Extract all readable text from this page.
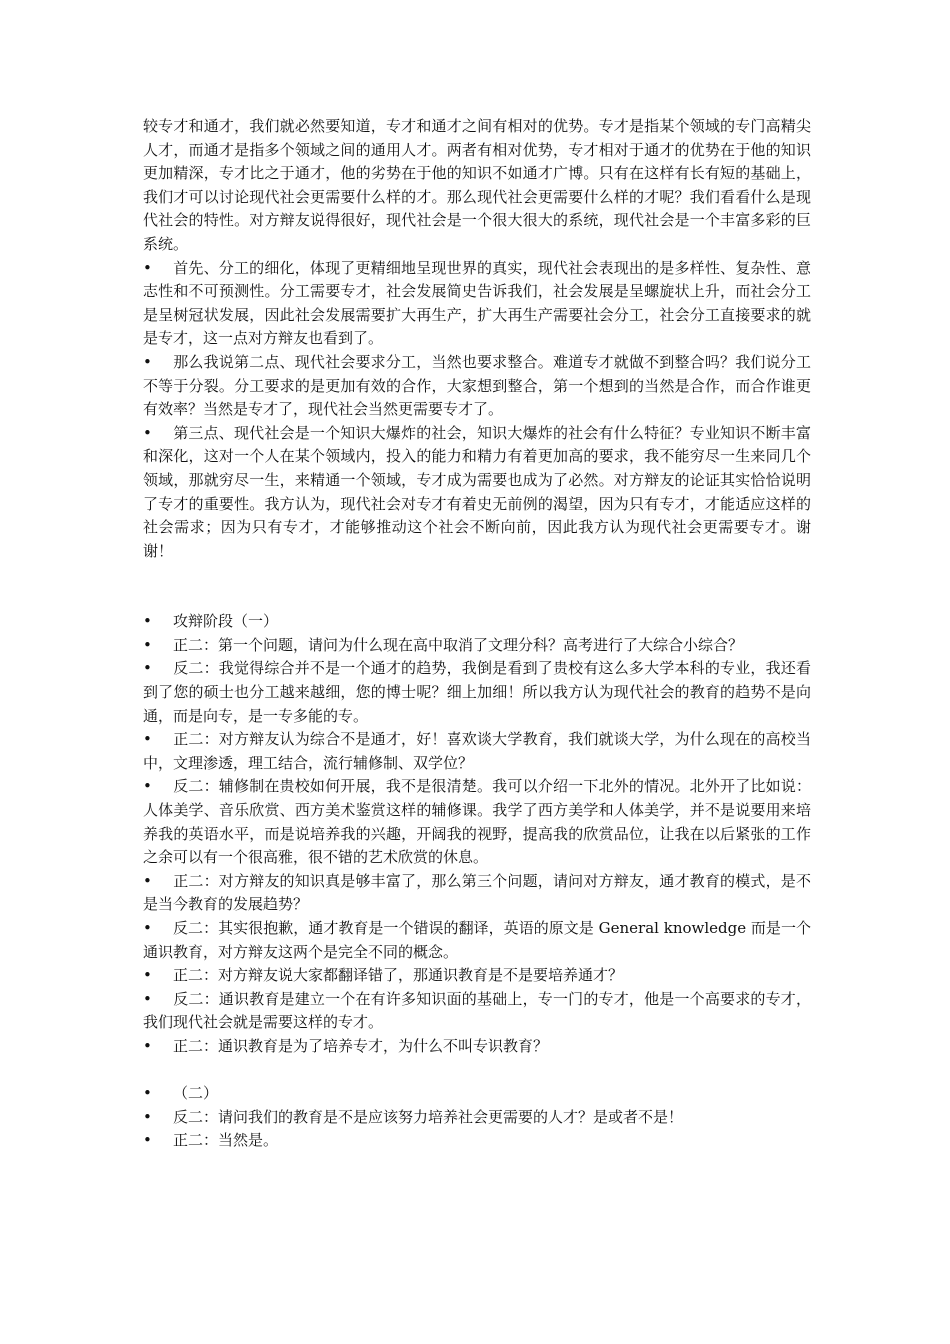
较专才和通才，我们就必然要知道，专才和通才之间有相对的优势。专才是指某个领域的专门高精尖人才，而通才是指多个领域之间的通用人才。两者有相对优势，专才相对于通才的优势在于他的知识更加精深，专才比之于通才，他的劣势在于他的知识不如通才广博。只有在这样有长有短的基础上，我们才可以讨论现代社会更需要什么样的才。那么现代社会更需要什么样的才呢？我们看看什么是现代社会的特性。对方辩友说得很好，现代社会是一个很大很大的系统，现代社会是一个丰富多彩的巨系统。

• 首先、分工的细化，体现了更精细地呈现世界的真实，现代社会表现出的是多样性、复杂性、意志性和不可预测性。分工需要专才，社会发展简史告诉我们，社会发展是呈螺旋状上升，而社会分工是呈树冠状发展，因此社会发展需要扩大再生产，扩大再生产需要社会分工，社会分工直接要求的就是专才，这一点对方辩友也看到了。

• 那么我说第二点、现代社会要求分工，当然也要求整合。难道专才就做不到整合吗？我们说分工不等于分裂。分工要求的是更加有效的合作，大家想到整合，第一个想到的当然是合作，而合作谁更有效率？当然是专才了，现代社会当然更需要专才了。

• 第三点、现代社会是一个知识大爆炸的社会，知识大爆炸的社会有什么特征？专业知识不断丰富和深化，这对一个人在某个领域内，投入的能力和精力有着更加高的要求，我不能穷尽一生来同几个领域，那就穷尽一生，来精通一个领域，专才成为需要也成为了必然。对方辩友的论证其实恰恰说明了专才的重要性。我方认为，现代社会对专才有着史无前例的渴望，因为只有专才，才能适应这样的社会需求；因为只有专才，才能够推动这个社会不断向前，因此我方认为现代社会更需要专才。谢谢！

• 攻辩阶段（一）

• 正二：第一个问题，请问为什么现在高中取消了文理分科？高考进行了大综合小综合？

• 反二：我觉得综合并不是一个通才的趋势，我倒是看到了贵校有这么多大学本科的专业，我还看到了您的硕士也分工越来越细，您的博士呢？细上加细！所以我方认为现代社会的教育的趋势不是向通，而是向专，是一专多能的专。

• 正二：对方辩友认为综合不是通才，好！喜欢谈大学教育，我们就谈大学，为什么现在的高校当中，文理渗透，理工结合，流行辅修制、双学位？

• 反二：辅修制在贵校如何开展，我不是很清楚。我可以介绍一下北外的情况。北外开了比如说：人体美学、音乐欣赏、西方美术鉴赏这样的辅修课。我学了西方美学和人体美学，并不是说要用来培养我的英语水平，而是说培养我的兴趣，开阔我的视野，提高我的欣赏品位，让我在以后紧张的工作之余可以有一个很高雅，很不错的艺术欣赏的休息。

• 正二：对方辩友的知识真是够丰富了，那么第三个问题，请问对方辩友，通才教育的模式，是不是当今教育的发展趋势？

• 反二：其实很抱歉，通才教育是一个错误的翻译，英语的原文是 General knowledge 而是一个通识教育，对方辩友这两个是完全不同的概念。

• 正二：对方辩友说大家都翻译错了，那通识教育是不是要培养通才？

• 反二：通识教育是建立一个在有许多知识面的基础上，专一门的专才，他是一个高要求的专才，我们现代社会就是需要这样的专才。

• 正二：通识教育是为了培养专才，为什么不叫专识教育？

• （二）

• 反二：请问我们的教育是不是应该努力培养社会更需要的人才？是或者不是！

• 正二：当然是。
